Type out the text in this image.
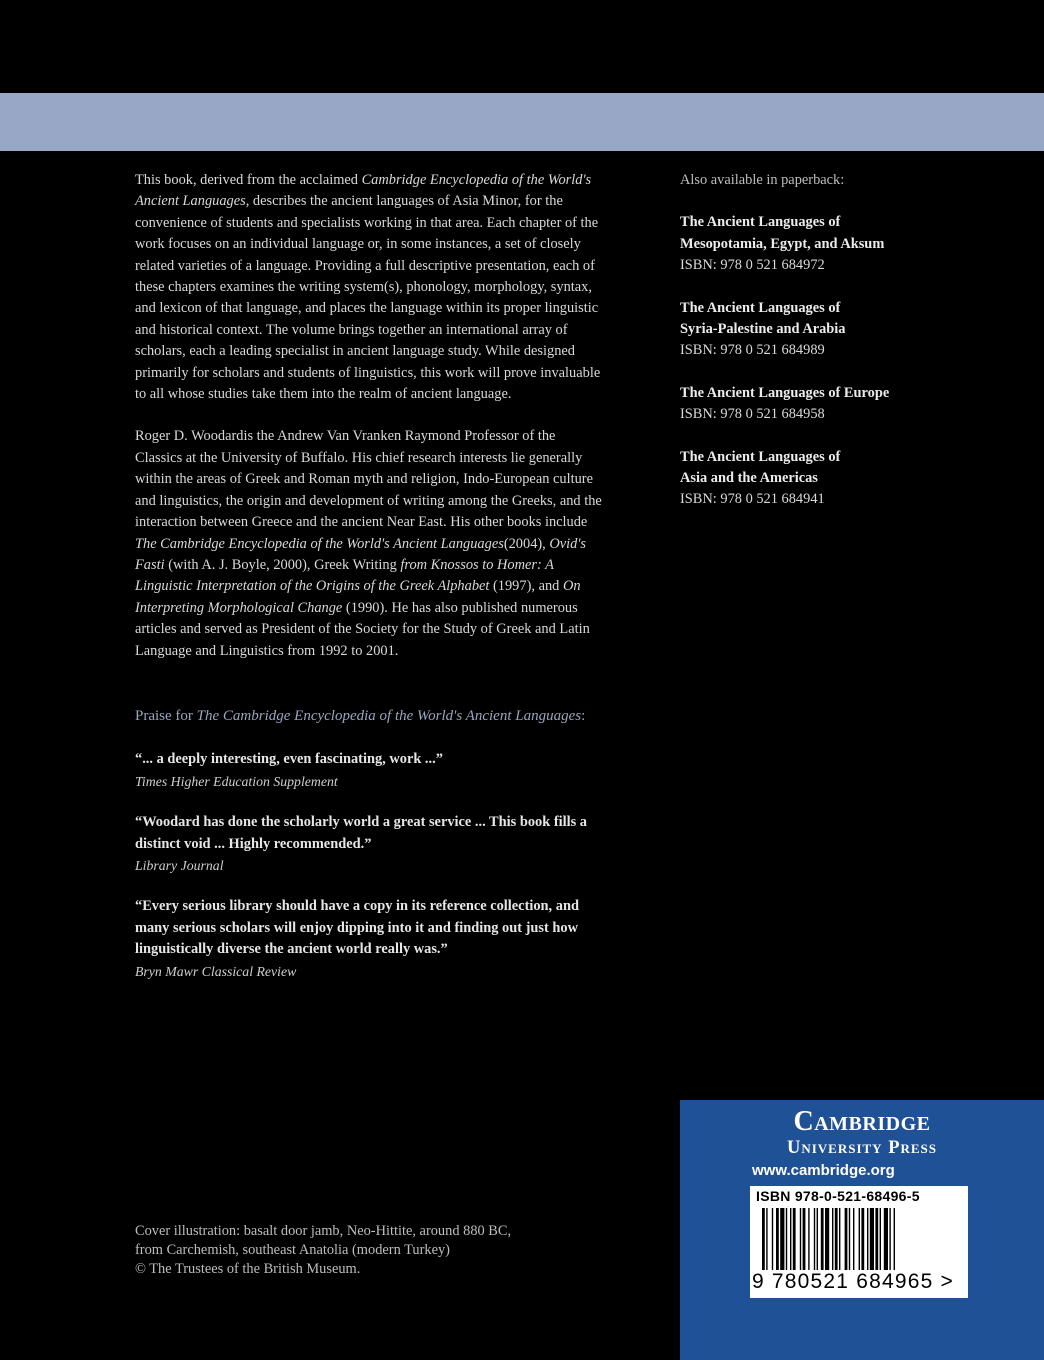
This book, derived from the acclaimed Cambridge Encyclopedia of the World's Ancient Languages, describes the ancient languages of Asia Minor, for the convenience of students and specialists working in that area. Each chapter of the work focuses on an individual language or, in some instances, a set of closely related varieties of a language. Providing a full descriptive presentation, each of these chapters examines the writing system(s), phonology, morphology, syntax, and lexicon of that language, and places the language within its proper linguistic and historical context. The volume brings together an international array of scholars, each a leading specialist in ancient language study. While designed primarily for scholars and students of linguistics, this work will prove invaluable to all whose studies take them into the realm of ancient language.

Roger D. Woodardis the Andrew Van Vranken Raymond Professor of the Classics at the University of Buffalo. His chief research interests lie generally within the areas of Greek and Roman myth and religion, Indo-European culture and linguistics, the origin and development of writing among the Greeks, and the interaction between Greece and the ancient Near East. His other books include The Cambridge Encyclopedia of the World's Ancient Languages(2004), Ovid's Fasti (with A. J. Boyle, 2000), Greek Writing from Knossos to Homer: A Linguistic Interpretation of the Origins of the Greek Alphabet (1997), and On Interpreting Morphological Change (1990). He has also published numerous articles and served as President of the Society for the Study of Greek and Latin Language and Linguistics from 1992 to 2001.

Praise for The Cambridge Encyclopedia of the World's Ancient Languages:

“... a deeply interesting, even fascinating, work ...”
Times Higher Education Supplement
“Woodard has done the scholarly world a great service ... This book fills a distinct void ... Highly recommended.”
Library Journal
“Every serious library should have a copy in its reference collection, and many serious scholars will enjoy dipping into it and finding out just how linguistically diverse the ancient world really was.”
Bryn Mawr Classical Review
Also available in paperback:
The Ancient Languages of
Mesopotamia, Egypt, and Aksum
ISBN: 978 0 521 684972
The Ancient Languages of
Syria-Palestine and Arabia
ISBN: 978 0 521 684989
The Ancient Languages of Europe
ISBN: 978 0 521 684958
The Ancient Languages of
Asia and the Americas
ISBN: 978 0 521 684941
Cover illustration: basalt door jamb, Neo-Hittite, around 880 BC,
from Carchemish, southeast Anatolia (modern Turkey)
© The Trustees of the British Museum.
Cambridge
University Press
www.cambridge.org
ISBN 978-0-521-68496-5
9 780521 684965 >
